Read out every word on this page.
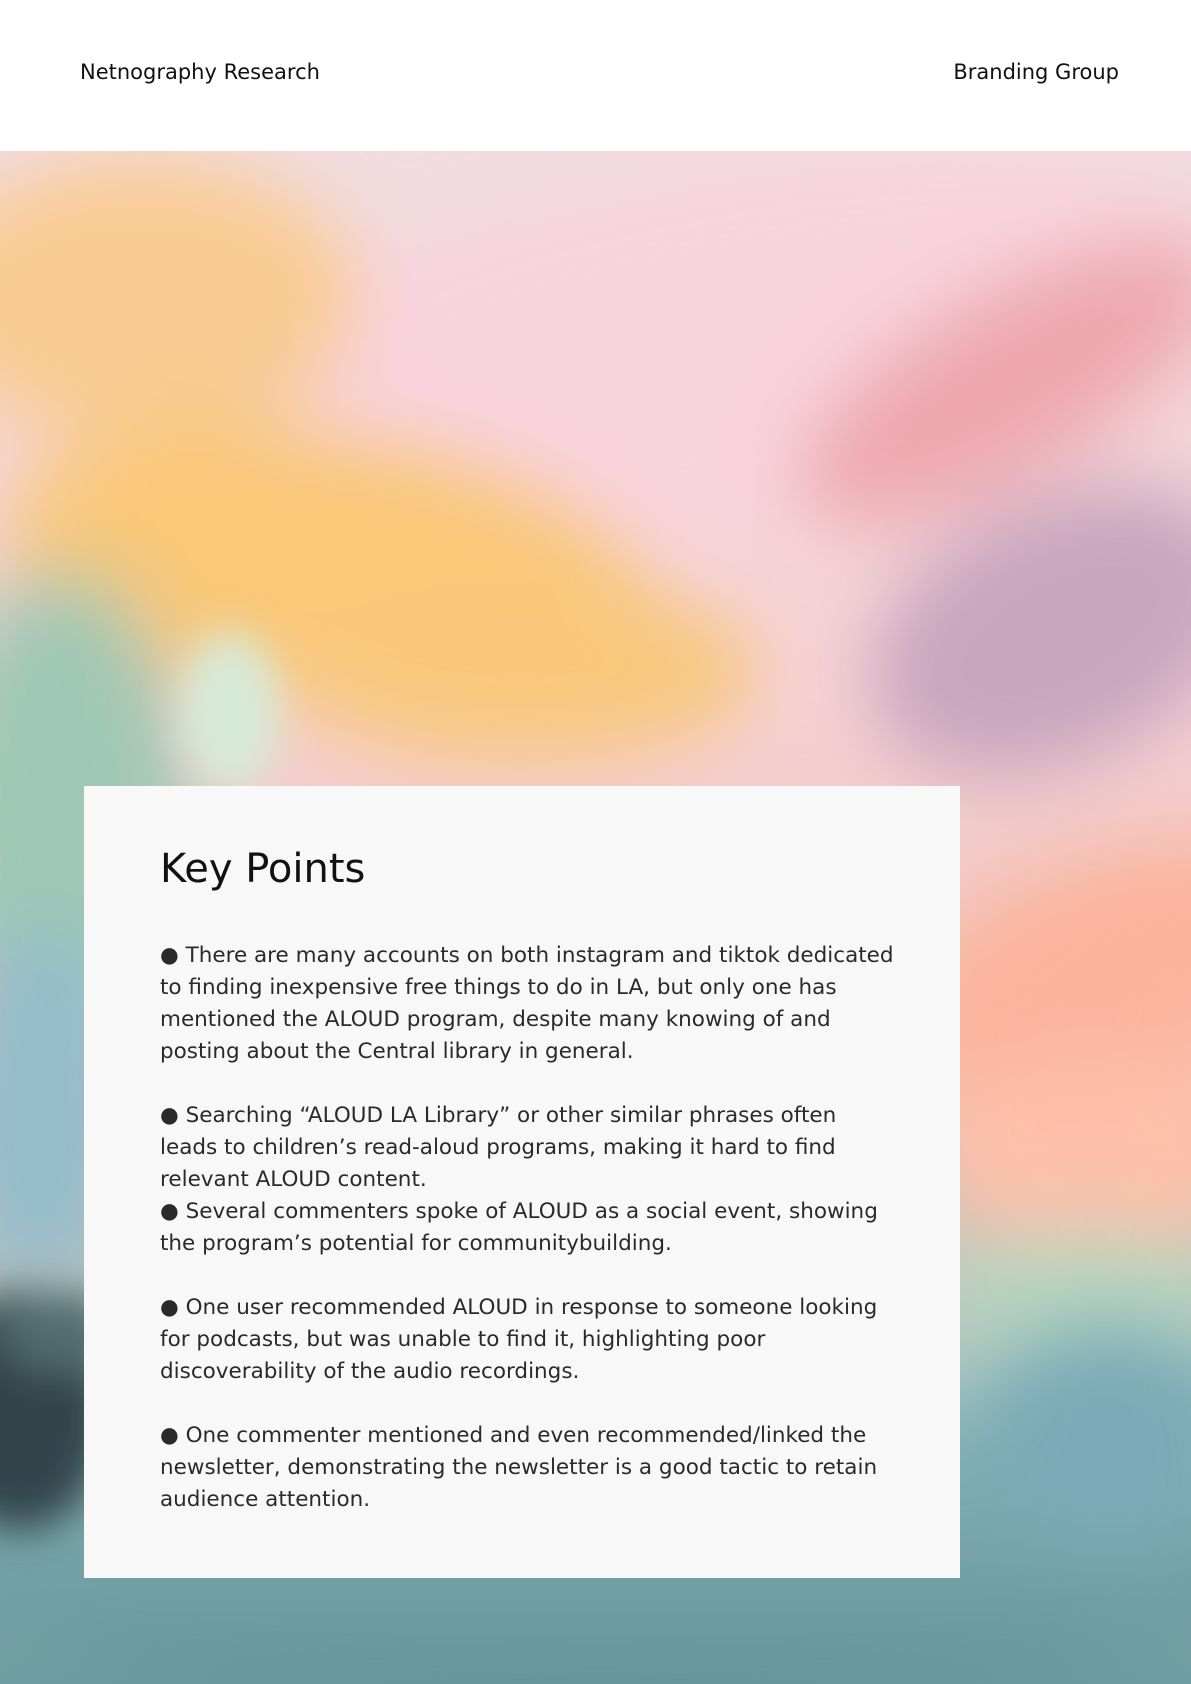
Netnography Research	Branding Group
Key Points

● There are many accounts on both instagram and tiktok dedicated to finding inexpensive free things to do in LA, but only one has mentioned the ALOUD program, despite many knowing of and posting about the Central library in general.

● Searching “ALOUD LA Library” or other similar phrases often leads to children’s read-aloud programs, making it hard to find relevant ALOUD content.

● Several commenters spoke of ALOUD as a social event, showing the program’s potential for communitybuilding.

● One user recommended ALOUD in response to someone looking for podcasts, but was unable to find it, highlighting poor discoverability of the audio recordings.

● One commenter mentioned and even recommended/linked the newsletter, demonstrating the newsletter is a good tactic to retain audience attention.
